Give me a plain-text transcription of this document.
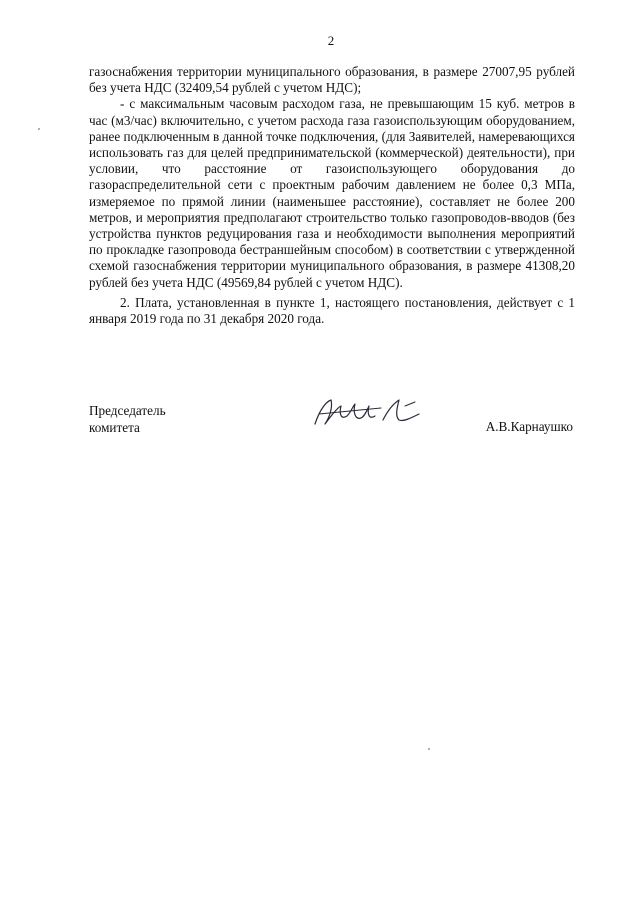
2

газоснабжения территории муниципального образования, в размере 27007,95 рублей без учета НДС (32409,54 рублей с учетом НДС);

- с максимальным часовым расходом газа, не превышающим 15 куб. метров в час (м3/час) включительно, с учетом расхода газа газоиспользующим оборудованием, ранее подключенным в данной точке подключения, (для Заявителей, намеревающихся использовать газ для целей предпринимательской (коммерческой) деятельности), при условии, что расстояние от газоиспользующего оборудования до газораспределительной сети с проектным рабочим давлением не более 0,3 МПа, измеряемое по прямой линии (наименьшее расстояние), составляет не более 200 метров, и мероприятия предполагают строительство только газопроводов-вводов (без устройства пунктов редуцирования газа и необходимости выполнения мероприятий по прокладке газопровода бестраншейным способом) в соответствии с утвержденной схемой газоснабжения территории муниципального образования, в размере 41308,20 рублей без учета НДС (49569,84 рублей с учетом НДС).

2. Плата, установленная в пункте 1, настоящего постановления, действует с 1 января 2019 года по 31 декабря 2020 года.

Председатель
комитета	А.В.Карнаушко
